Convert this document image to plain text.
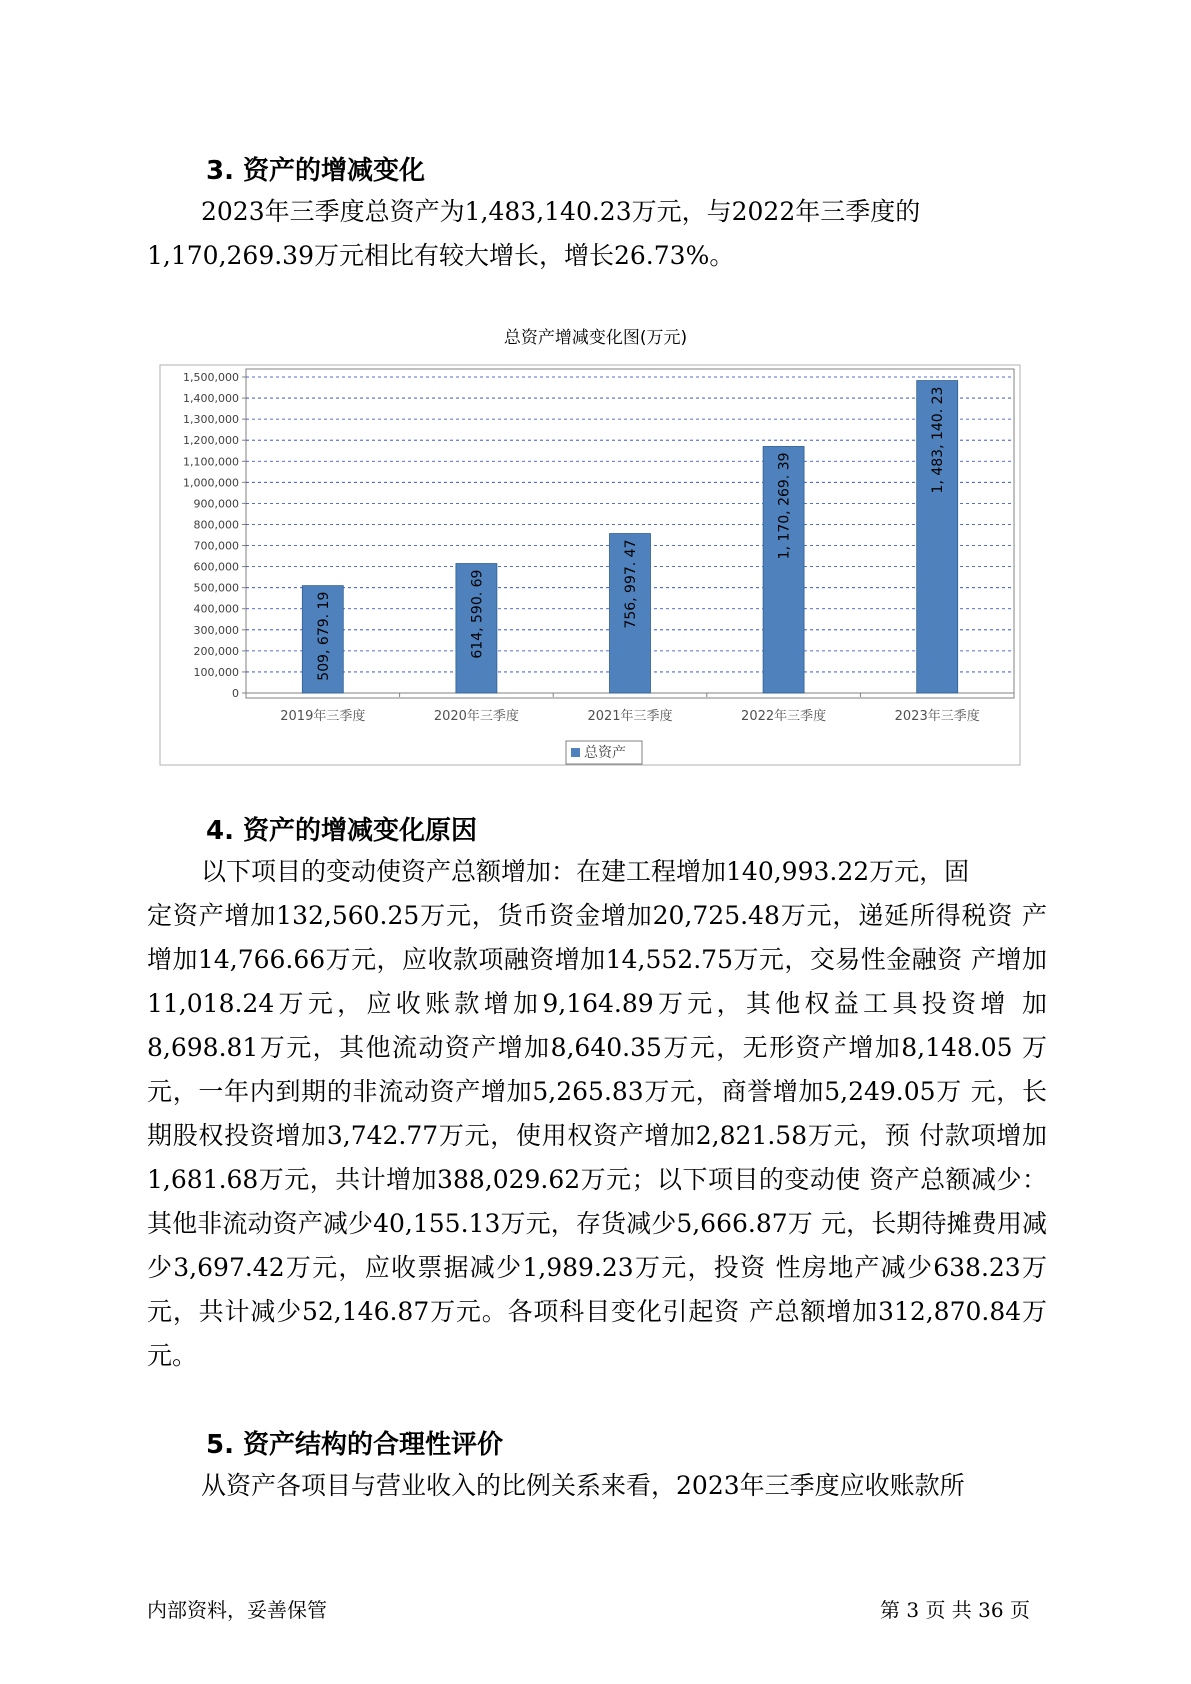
3. 资产的增减变化
2023年三季度总资产为1,483,140.23万元，与2022年三季度的
1,170,269.39万元相比有较大增长，增长26.73%。

总资产增减变化图(万元)

0
100,000
200,000
300,000
400,000
500,000
600,000
700,000
800,000
900,000
1,000,000
1,100,000
1,200,000
1,300,000
1,400,000
1,500,000
509, 679. 19	614, 590. 69	756, 997. 47
1, 170, 269. 39
1, 483, 140. 23
2019年三季度	2020年三季度	2021年三季度	2022年三季度	2023年三季度
总资产
4. 资产的增减变化原因
以下项目的变动使资产总额增加：在建工程增加140,993.22万元，固
定资产增加132,560.25万元，货币资金增加20,725.48万元，递延所得税资 产增加14,766.66万元，应收款项融资增加14,552.75万元，交易性金融资 产增加11,018.24万元，应收账款增加9,164.89万元，其他权益工具投资增 加8,698.81万元，其他流动资产增加8,640.35万元，无形资产增加8,148.05 万元，一年内到期的非流动资产增加5,265.83万元，商誉增加5,249.05万 元，长期股权投资增加3,742.77万元，使用权资产增加2,821.58万元，预 付款项增加1,681.68万元，共计增加388,029.62万元；以下项目的变动使 资产总额减少：其他非流动资产减少40,155.13万元，存货减少5,666.87万 元，长期待摊费用减少3,697.42万元，应收票据减少1,989.23万元，投资 性房地产减少638.23万元，共计减少52,146.87万元。各项科目变化引起资 产总额增加312,870.84万元。
5. 资产结构的合理性评价
从资产各项目与营业收入的比例关系来看，2023年三季度应收账款所
内部资料，妥善保管	第 3 页 共 36 页
